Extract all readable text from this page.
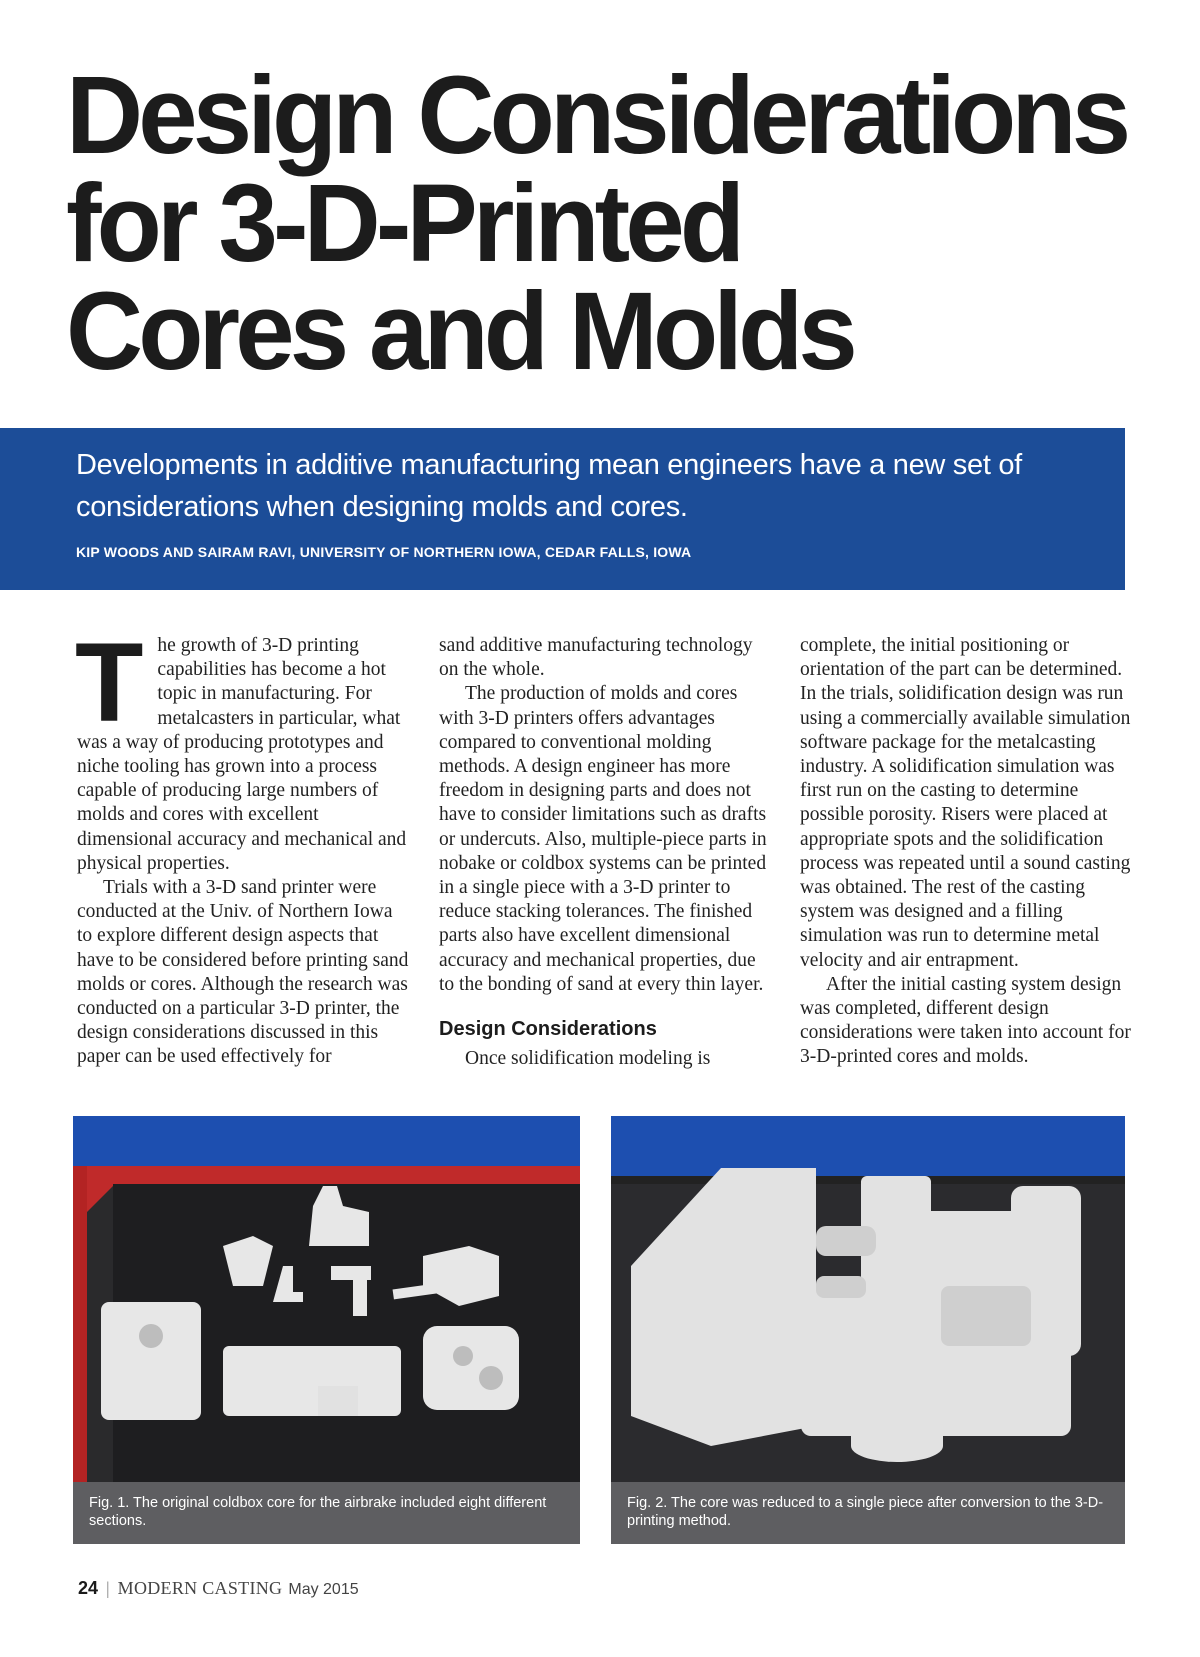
Design Considerations
for 3-D-Printed
Cores and Molds
Developments in additive manufacturing mean engineers have a new set of considerations when designing molds and cores.
KIP WOODS AND SAIRAM RAVI, UNIVERSITY OF NORTHERN IOWA, CEDAR FALLS, IOWA
T he growth of 3-D printing capabilities has become a hot topic in manufacturing. For metalcasters in particular, what was a way of producing prototypes and niche tooling has grown into a process capable of producing large numbers of molds and cores with excellent dimensional accuracy and mechanical and physical properties.

Trials with a 3-D sand printer were conducted at the Univ. of Northern Iowa to explore different design aspects that have to be considered before printing sand molds or cores. Although the research was conducted on a particular 3-D printer, the design considerations discussed in this paper can be used effectively for

sand additive manufacturing technology on the whole.

The production of molds and cores with 3-D printers offers advantages compared to conventional molding methods. A design engineer has more freedom in designing parts and does not have to consider limitations such as drafts or undercuts. Also, multiple-piece parts in nobake or coldbox systems can be printed in a single piece with a 3-D printer to reduce stacking tolerances. The finished parts also have excellent dimensional accuracy and mechanical properties, due to the bonding of sand at every thin layer.

Design Considerations

Once solidification modeling is

complete, the initial positioning or orientation of the part can be determined. In the trials, solidification design was run using a commercially available simulation software package for the metalcasting industry. A solidification simulation was first run on the casting to determine possible porosity. Risers were placed at appropriate spots and the solidification process was repeated until a sound casting was obtained. The rest of the casting system was designed and a filling simulation was run to determine metal velocity and air entrapment.

After the initial casting system design was completed, different design considerations were taken into account for 3-D-printed cores and molds.

Fig. 1. The original coldbox core for the airbrake included eight different sections.
Fig. 2. The core was reduced to a single piece after conversion to the 3-D-printing method.
24 | MODERN CASTING May 2015
